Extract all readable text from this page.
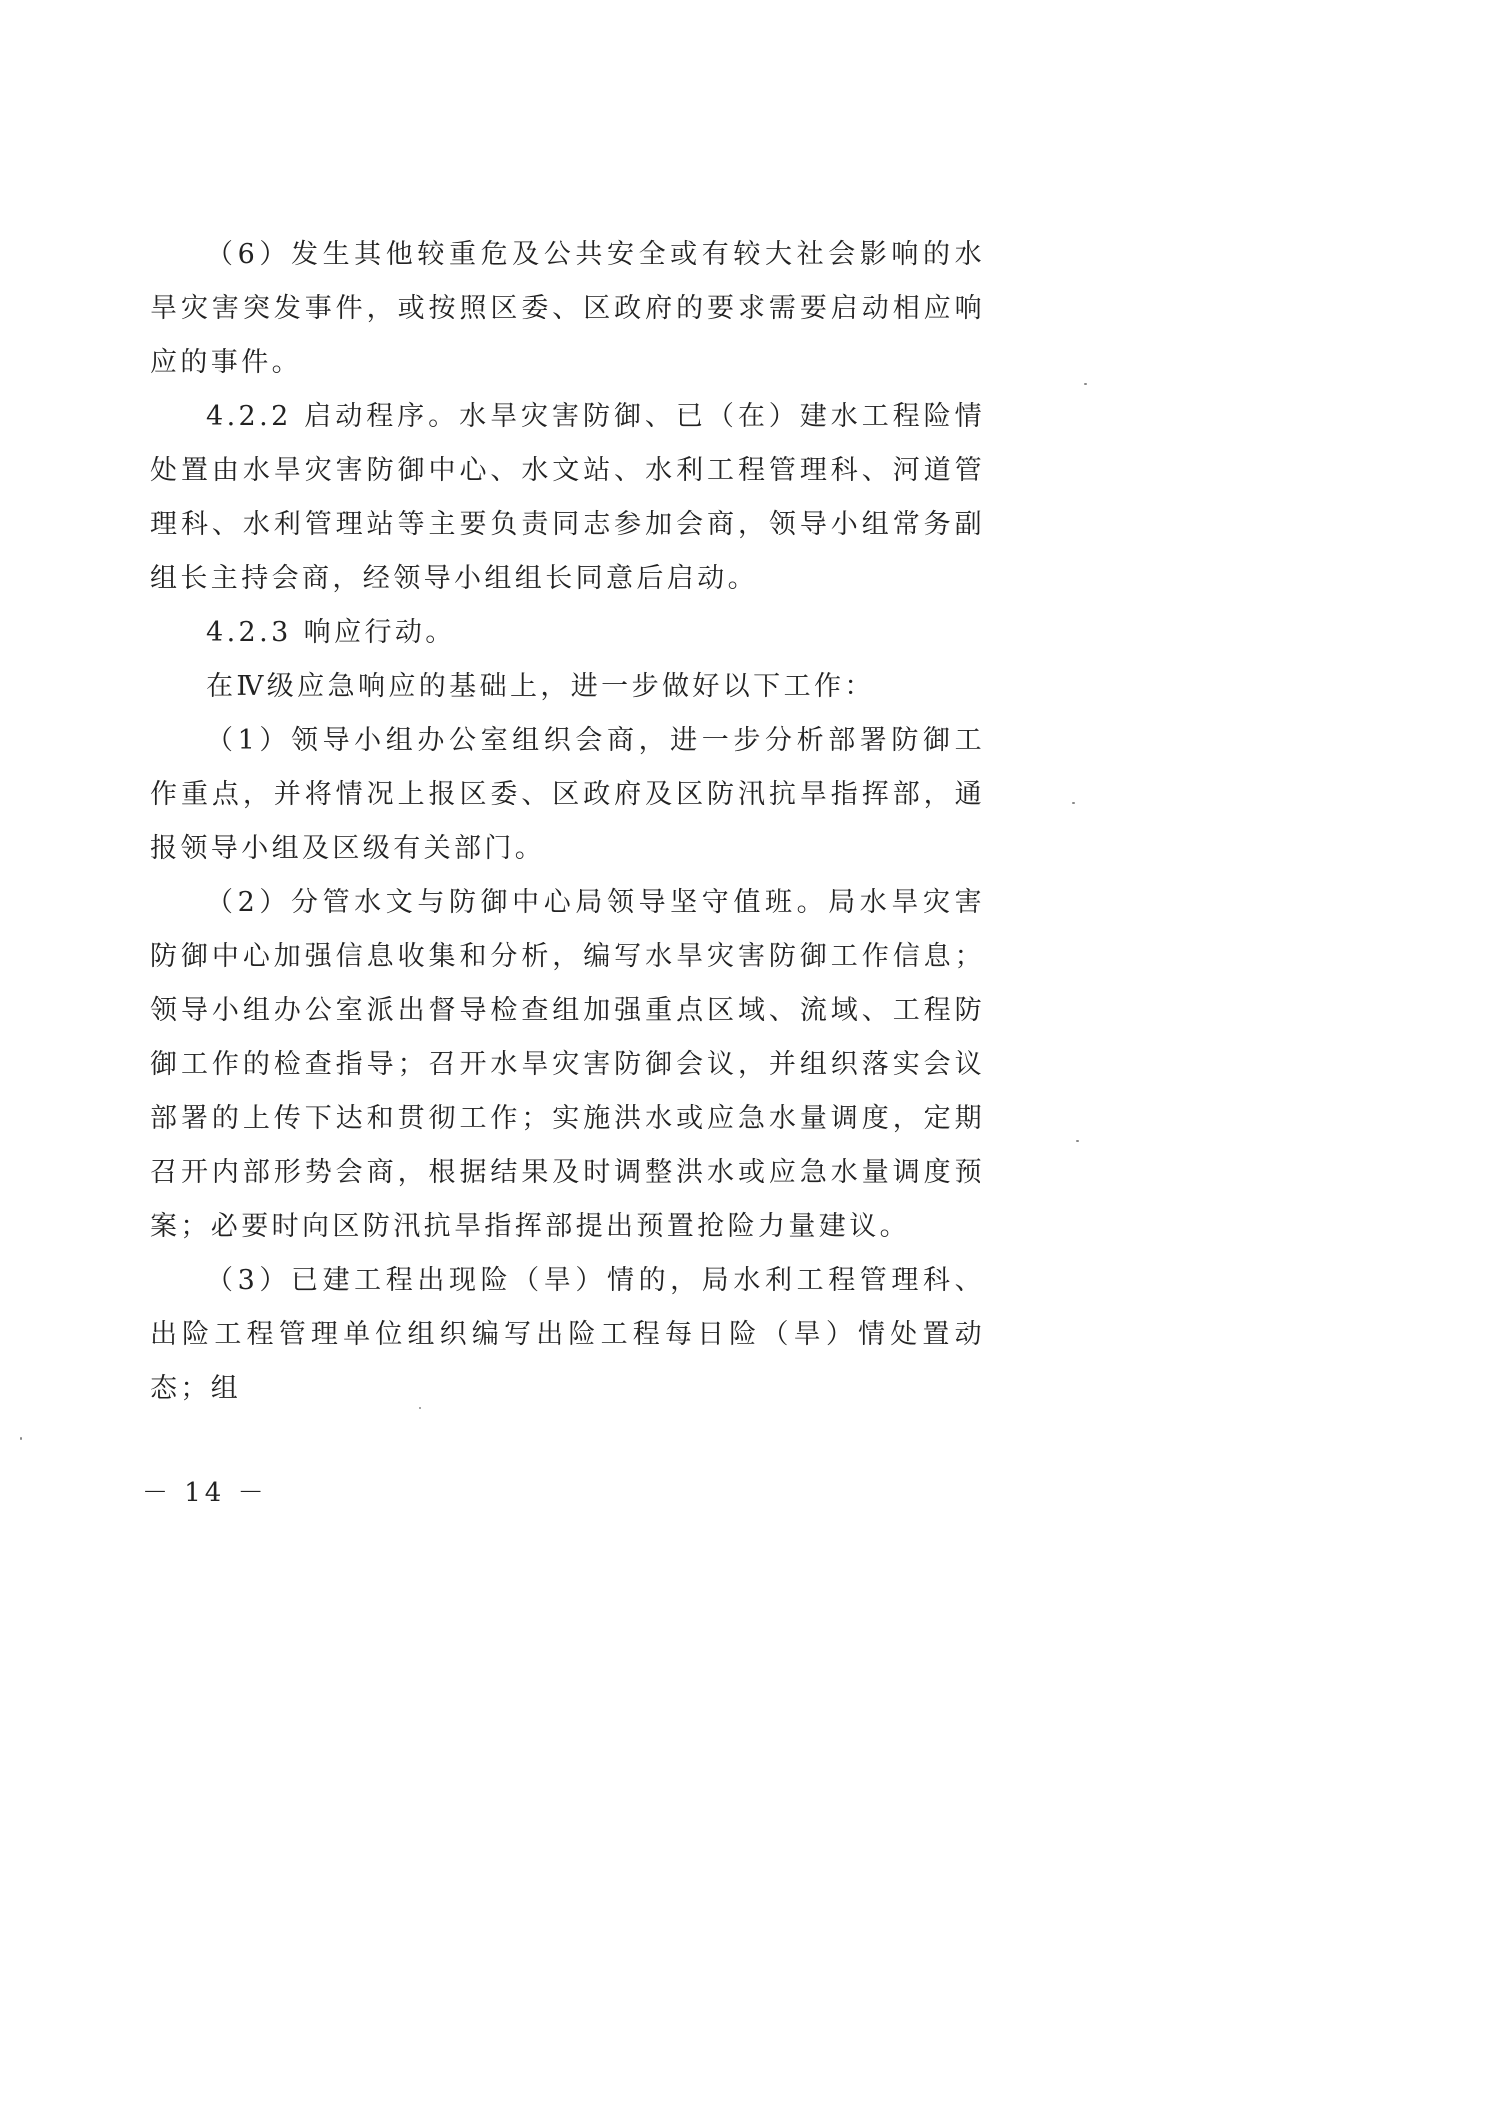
（6）发生其他较重危及公共安全或有较大社会影响的水旱灾害突发事件，或按照区委、区政府的要求需要启动相应响应的事件。

4.2.2 启动程序。水旱灾害防御、已（在）建水工程险情处置由水旱灾害防御中心、水文站、水利工程管理科、河道管理科、水利管理站等主要负责同志参加会商，领导小组常务副组长主持会商，经领导小组组长同意后启动。

4.2.3 响应行动。

在Ⅳ级应急响应的基础上，进一步做好以下工作：

（1）领导小组办公室组织会商，进一步分析部署防御工作重点，并将情况上报区委、区政府及区防汛抗旱指挥部，通报领导小组及区级有关部门。

（2）分管水文与防御中心局领导坚守值班。局水旱灾害防御中心加强信息收集和分析，编写水旱灾害防御工作信息；领导小组办公室派出督导检查组加强重点区域、流域、工程防御工作的检查指导；召开水旱灾害防御会议，并组织落实会议部署的上传下达和贯彻工作；实施洪水或应急水量调度，定期召开内部形势会商，根据结果及时调整洪水或应急水量调度预案；必要时向区防汛抗旱指挥部提出预置抢险力量建议。

（3）已建工程出现险（旱）情的，局水利工程管理科、出险工程管理单位组织编写出险工程每日险（旱）情处置动态；组

－ 14 －
